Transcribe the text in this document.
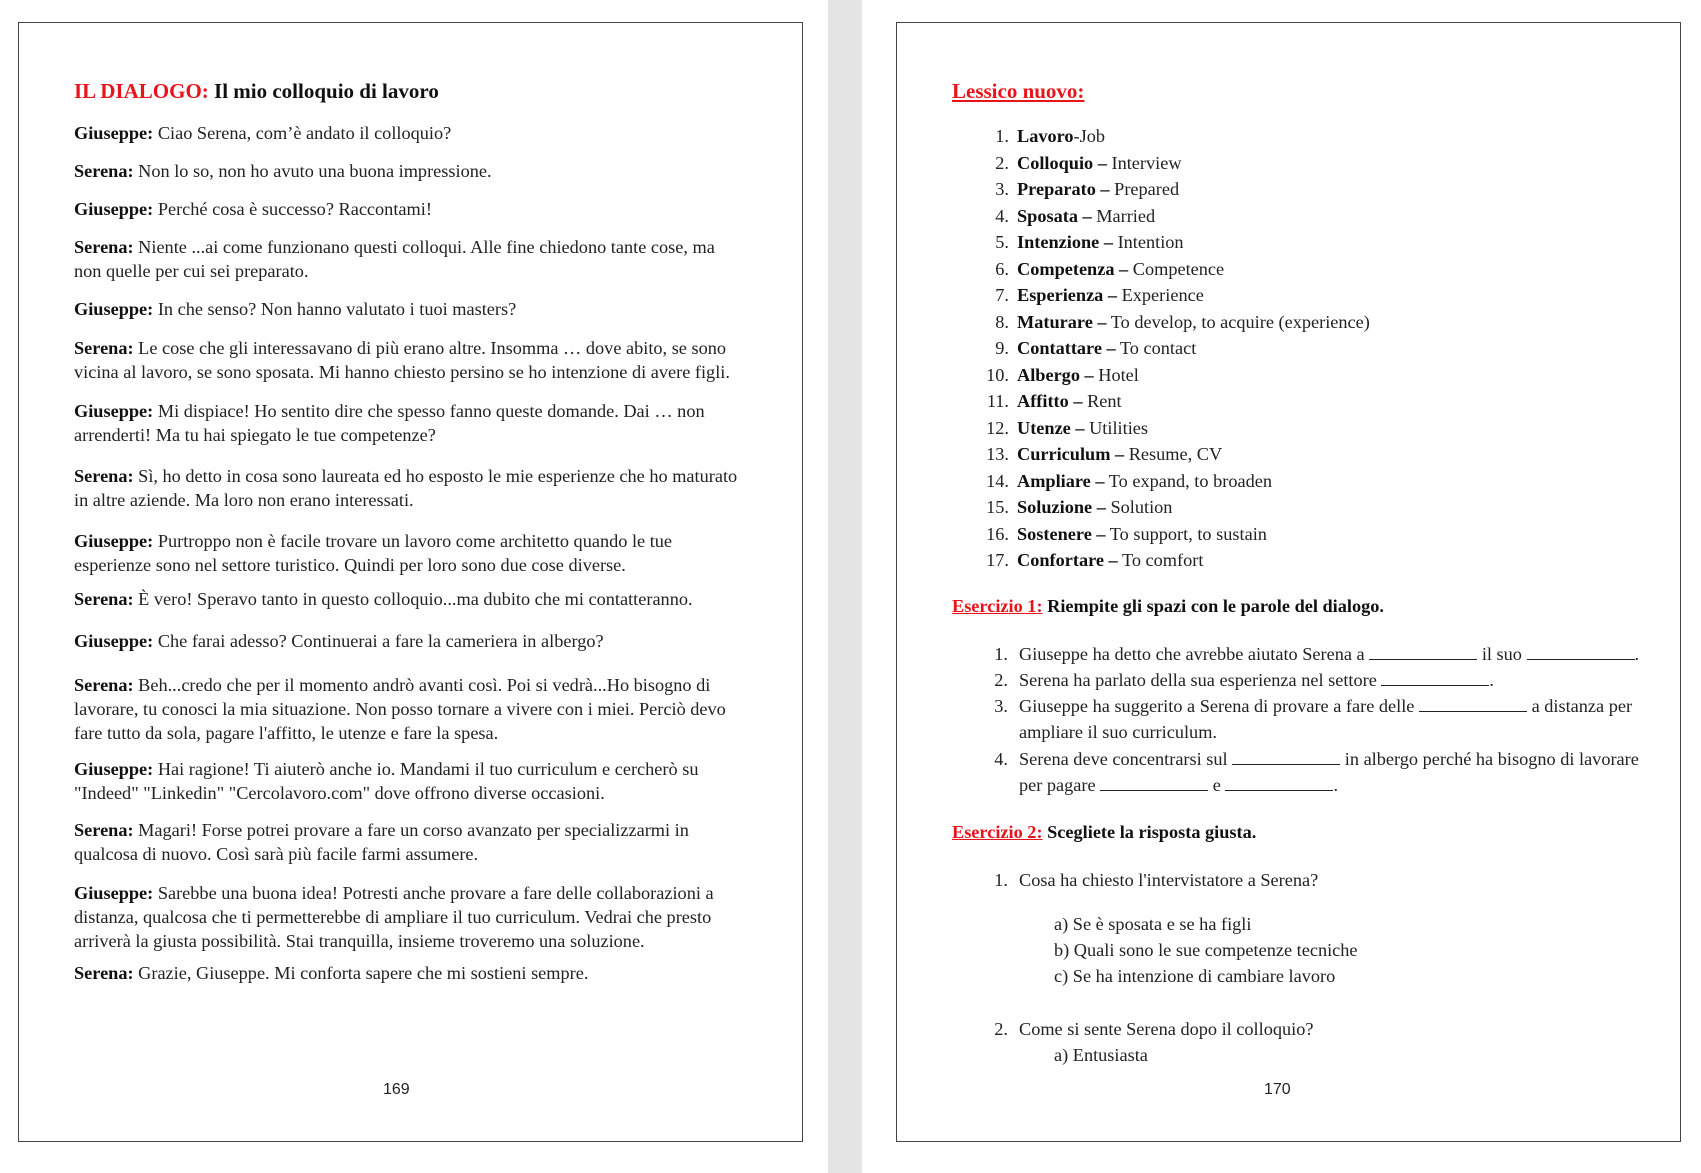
IL DIALOGO: Il mio colloquio di lavoro
Giuseppe: Ciao Serena, com’è andato il colloquio?
Serena: Non lo so, non ho avuto una buona impressione.
Giuseppe: Perché cosa è successo? Raccontami!
Serena: Niente ...ai come funzionano questi colloqui. Alle fine chiedono tante cose, ma
non quelle per cui sei preparato.
Giuseppe: In che senso? Non hanno valutato i tuoi masters?
Serena: Le cose che gli interessavano di più erano altre. Insomma … dove abito, se sono
vicina al lavoro, se sono sposata. Mi hanno chiesto persino se ho intenzione di avere figli.
Giuseppe: Mi dispiace! Ho sentito dire che spesso fanno queste domande. Dai … non
arrenderti! Ma tu hai spiegato le tue competenze?
Serena: Sì, ho detto in cosa sono laureata ed ho esposto le mie esperienze che ho maturato
in altre aziende. Ma loro non erano interessati.
Giuseppe: Purtroppo non è facile trovare un lavoro come architetto quando le tue
esperienze sono nel settore turistico. Quindi per loro sono due cose diverse.
Serena: È vero! Speravo tanto in questo colloquio...ma dubito che mi contatteranno.
Giuseppe: Che farai adesso? Continuerai a fare la cameriera in albergo?
Serena: Beh...credo che per il momento andrò avanti così. Poi si vedrà...Ho bisogno di
lavorare, tu conosci la mia situazione. Non posso tornare a vivere con i miei. Perciò devo
fare tutto da sola, pagare l'affitto, le utenze e fare la spesa.
Giuseppe: Hai ragione! Ti aiuterò anche io. Mandami il tuo curriculum e cercherò su
"Indeed" "Linkedin" "Cercolavoro.com" dove offrono diverse occasioni.
Serena: Magari! Forse potrei provare a fare un corso avanzato per specializzarmi in
qualcosa di nuovo. Così sarà più facile farmi assumere.
Giuseppe: Sarebbe una buona idea! Potresti anche provare a fare delle collaborazioni a
distanza, qualcosa che ti permetterebbe di ampliare il tuo curriculum. Vedrai che presto
arriverà la giusta possibilità. Stai tranquilla, insieme troveremo una soluzione.
Serena: Grazie, Giuseppe. Mi conforta sapere che mi sostieni sempre.
169
Lessico nuovo:
1. Lavoro-Job
2. Colloquio – Interview
3. Preparato – Prepared
4. Sposata – Married
5. Intenzione – Intention
6. Competenza – Competence
7. Esperienza – Experience
8. Maturare – To develop, to acquire (experience)
9. Contattare – To contact
10. Albergo – Hotel
11. Affitto – Rent
12. Utenze – Utilities
13. Curriculum – Resume, CV
14. Ampliare – To expand, to broaden
15. Soluzione – Solution
16. Sostenere – To support, to sustain
17. Confortare – To comfort
Esercizio 1: Riempite gli spazi con le parole del dialogo.
1. Giuseppe ha detto che avrebbe aiutato Serena a	il suo	.
2. Serena ha parlato della sua esperienza nel settore	.
3. Giuseppe ha suggerito a Serena di provare a fare delle	a distanza per
ampliare il suo curriculum.
4. Serena deve concentrarsi sul	in albergo perché ha bisogno di lavorare
per pagare	e	.
Esercizio 2: Scegliete la risposta giusta.
1. Cosa ha chiesto l'intervistatore a Serena?
a) Se è sposata e se ha figli
b) Quali sono le sue competenze tecniche
c) Se ha intenzione di cambiare lavoro
2. Come si sente Serena dopo il colloquio?
a) Entusiasta
170
